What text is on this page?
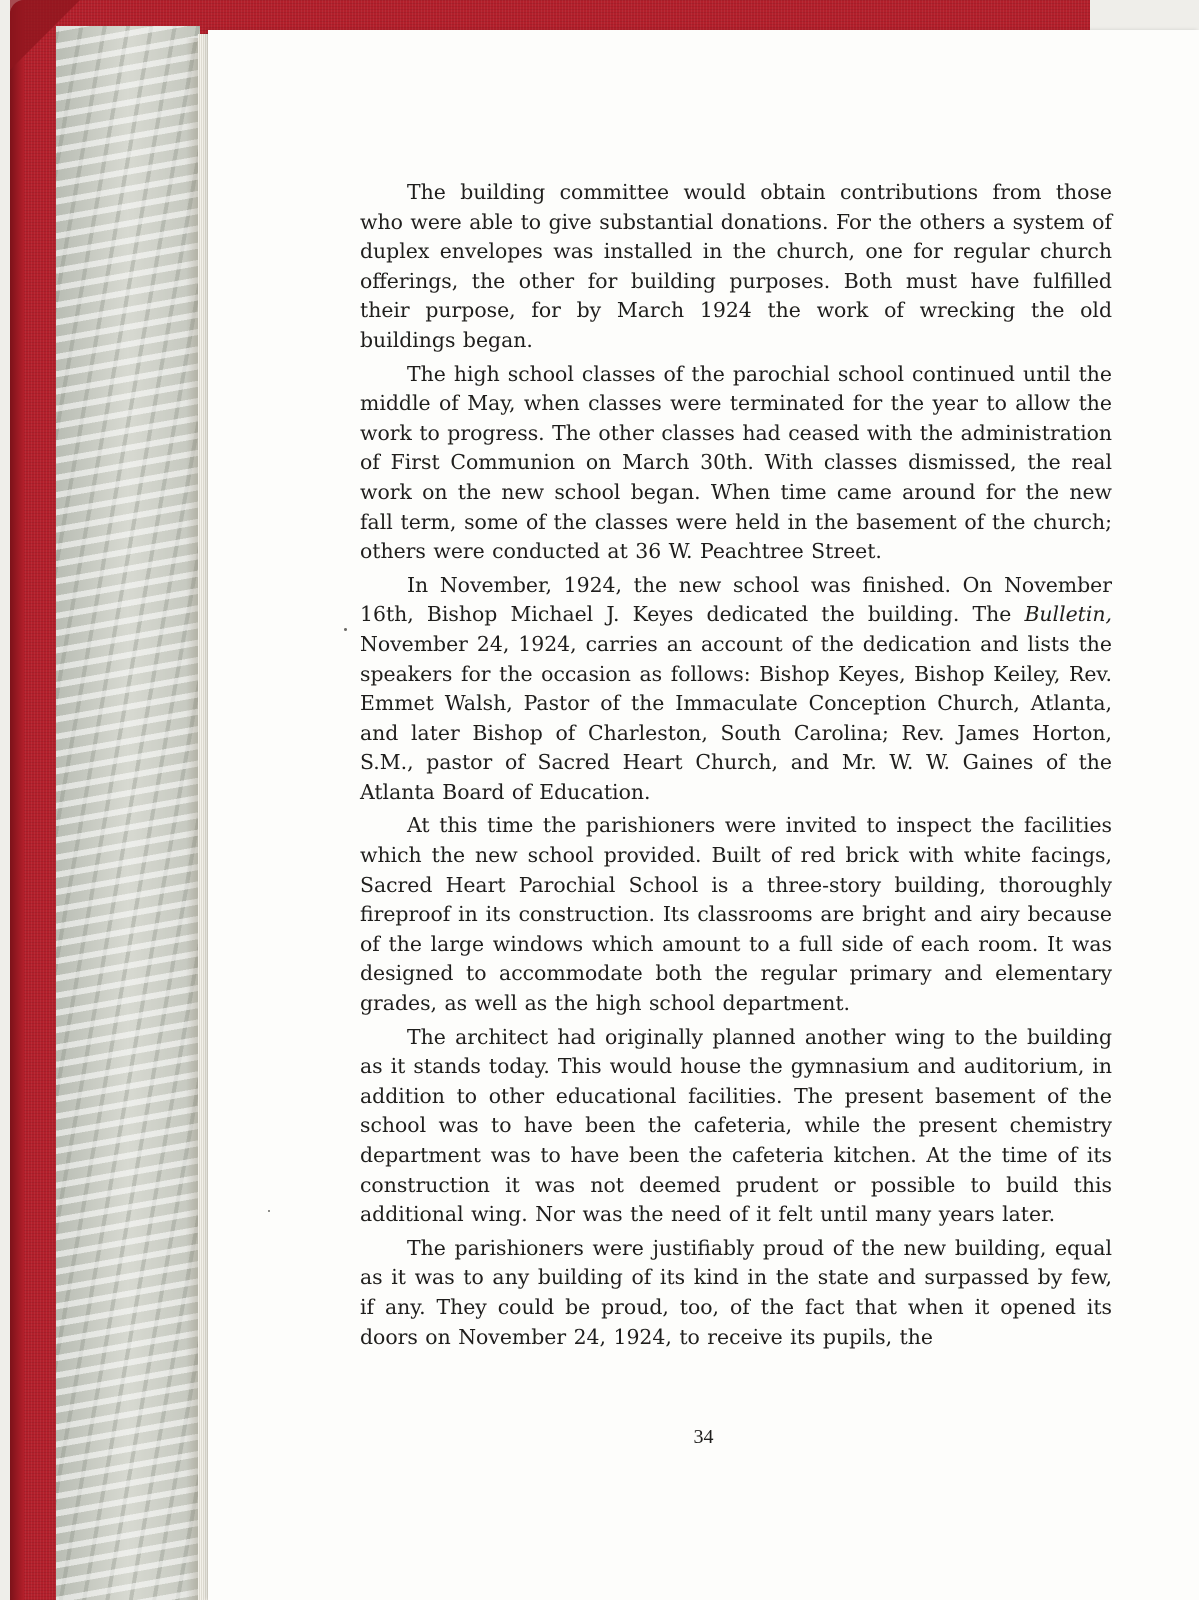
The building committee would obtain contributions from those who were able to give substantial donations. For the others a system of duplex envelopes was installed in the church, one for regular church offerings, the other for building purposes. Both must have fulfilled their purpose, for by March 1924 the work of wrecking the old buildings began.

The high school classes of the parochial school continued until the middle of May, when classes were terminated for the year to allow the work to progress. The other classes had ceased with the administration of First Communion on March 30th. With classes dismissed, the real work on the new school began. When time came around for the new fall term, some of the classes were held in the basement of the church; others were conducted at 36 W. Peachtree Street.

In November, 1924, the new school was finished. On November 16th, Bishop Michael J. Keyes dedicated the building. The Bulletin, November 24, 1924, carries an account of the dedication and lists the speakers for the occasion as follows: Bishop Keyes, Bishop Keiley, Rev. Emmet Walsh, Pastor of the Immaculate Conception Church, Atlanta, and later Bishop of Charleston, South Carolina; Rev. James Horton, S.M., pastor of Sacred Heart Church, and Mr. W. W. Gaines of the Atlanta Board of Education.

At this time the parishioners were invited to inspect the facilities which the new school provided. Built of red brick with white facings, Sacred Heart Parochial School is a three-story building, thoroughly fireproof in its construction. Its classrooms are bright and airy because of the large windows which amount to a full side of each room. It was designed to accommodate both the regular primary and elementary grades, as well as the high school department.

The architect had originally planned another wing to the building as it stands today. This would house the gymnasium and auditorium, in addition to other educational facilities. The present basement of the school was to have been the cafeteria, while the present chemistry department was to have been the cafeteria kitchen. At the time of its construction it was not deemed prudent or possible to build this additional wing. Nor was the need of it felt until many years later.

The parishioners were justifiably proud of the new building, equal as it was to any building of its kind in the state and surpassed by few, if any. They could be proud, too, of the fact that when it opened its doors on November 24, 1924, to receive its pupils, the

34
